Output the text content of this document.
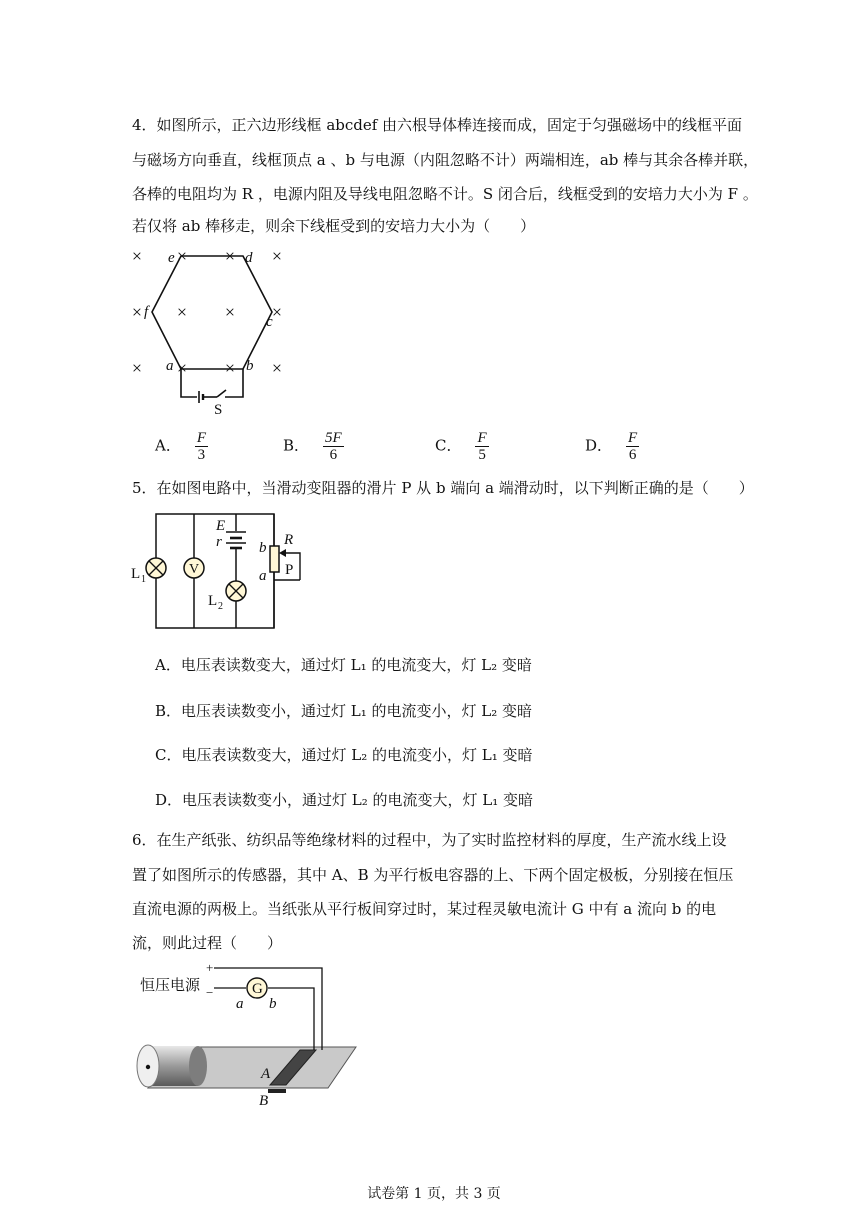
4．如图所示，正六边形线框 abcdef 由六根导体棒连接而成，固定于匀强磁场中的线框平面
与磁场方向垂直，线框顶点 a 、b 与电源（内阻忽略不计）两端相连，ab 棒与其余各棒并联，
各棒的电阻均为 R ，电源内阻及导线电阻忽略不计。S 闭合后，线框受到的安培力大小为 F 。
若仅将 ab 棒移走，则余下线框受到的安培力大小为（　　）
× × × ×
× × × ×
× × × ×
e	d
f
c
a	b
S
A． $\frac{F}{3}$	B． $\frac{5F}{6}$	C． $\frac{F}{5}$	D． $\frac{F}{6}$
5．在如图电路中，当滑动变阻器的滑片 P 从 b 端向 a 端滑动时，以下判断正确的是（　　）
V
E
r b
a
R
P
L 1
L 2
A．电压表读数变大，通过灯 L₁ 的电流变大，灯 L₂ 变暗
B．电压表读数变小，通过灯 L₁ 的电流变小，灯 L₂ 变暗
C．电压表读数变大，通过灯 L₂ 的电流变小，灯 L₁ 变暗
D．电压表读数变小，通过灯 L₂ 的电流变大，灯 L₁ 变暗
6．在生产纸张、纺织品等绝缘材料的过程中，为了实时监控材料的厚度，生产流水线上设
置了如图所示的传感器，其中 A、B 为平行板电容器的上、下两个固定极板，分别接在恒压
直流电源的两极上。当纸张从平行板间穿过时，某过程灵敏电流计 G 中有 a 流向 b 的电
流，则此过程（　　）
G
恒压电源
+
−
a b
A
B
试卷第 1 页，共 3 页
